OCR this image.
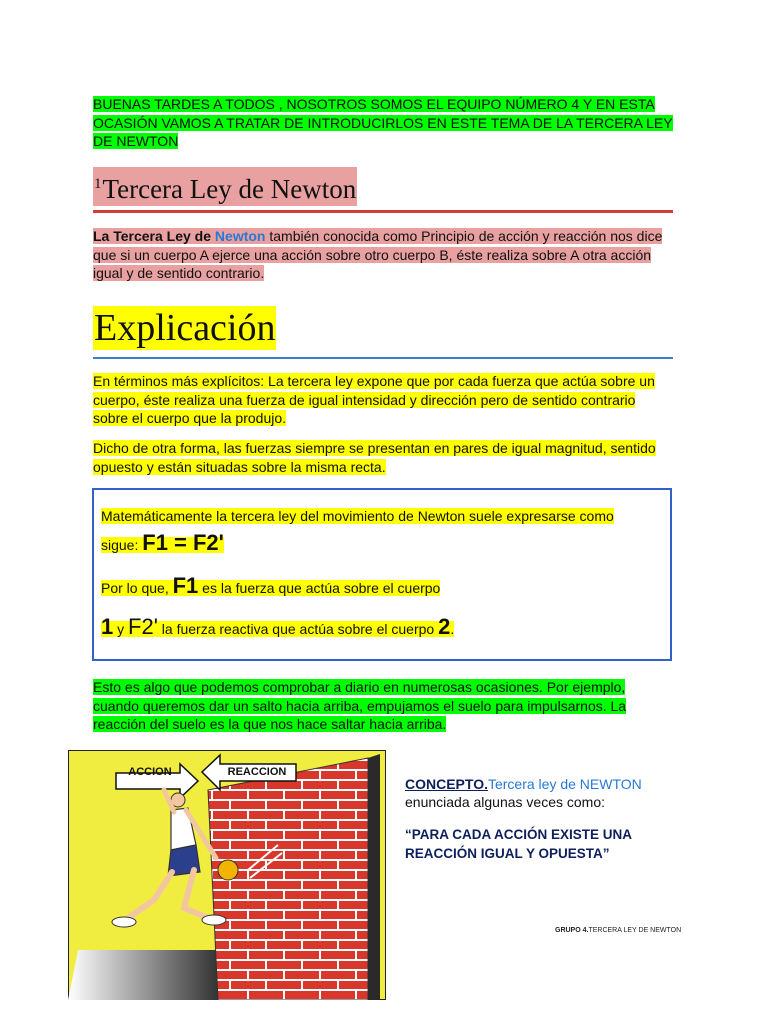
BUENAS TARDES A TODOS , NOSOTROS SOMOS EL EQUIPO NÚMERO 4 Y EN ESTA OCASIÓN VAMOS A TRATAR DE INTRODUCIRLOS EN ESTE TEMA DE LA TERCERA LEY DE NEWTON
$^1$Tercera Ley de Newton
La Tercera Ley de Newton también conocida como Principio de acción y reacción nos dice que si un cuerpo A ejerce una acción sobre otro cuerpo B, éste realiza sobre A otra acción igual y de sentido contrario.
Explicación
En términos más explícitos: La tercera ley expone que por cada fuerza que actúa sobre un cuerpo, éste realiza una fuerza de igual intensidad y dirección pero de sentido contrario sobre el cuerpo que la produjo.
Dicho de otra forma, las fuerzas siempre se presentan en pares de igual magnitud, sentido opuesto y están situadas sobre la misma recta.
Matemáticamente la tercera ley del movimiento de Newton suele expresarse como
sigue: F1 = F2'
Por lo que, F1 es la fuerza que actúa sobre el cuerpo
1 y F2' la fuerza reactiva que actúa sobre el cuerpo 2.
Esto es algo que podemos comprobar a diario en numerosas ocasiones. Por ejemplo, cuando queremos dar un salto hacia arriba, empujamos el suelo para impulsarnos. La reacción del suelo es la que nos hace saltar hacia arriba.
ACCION	REACCION
CONCEPTO.Tercera ley de NEWTON
enunciada algunas veces como:
“PARA CADA ACCIÓN EXISTE UNA REACCIÓN IGUAL Y OPUESTA”
GRUPO 4.TERCERA LEY DE NEWTON
